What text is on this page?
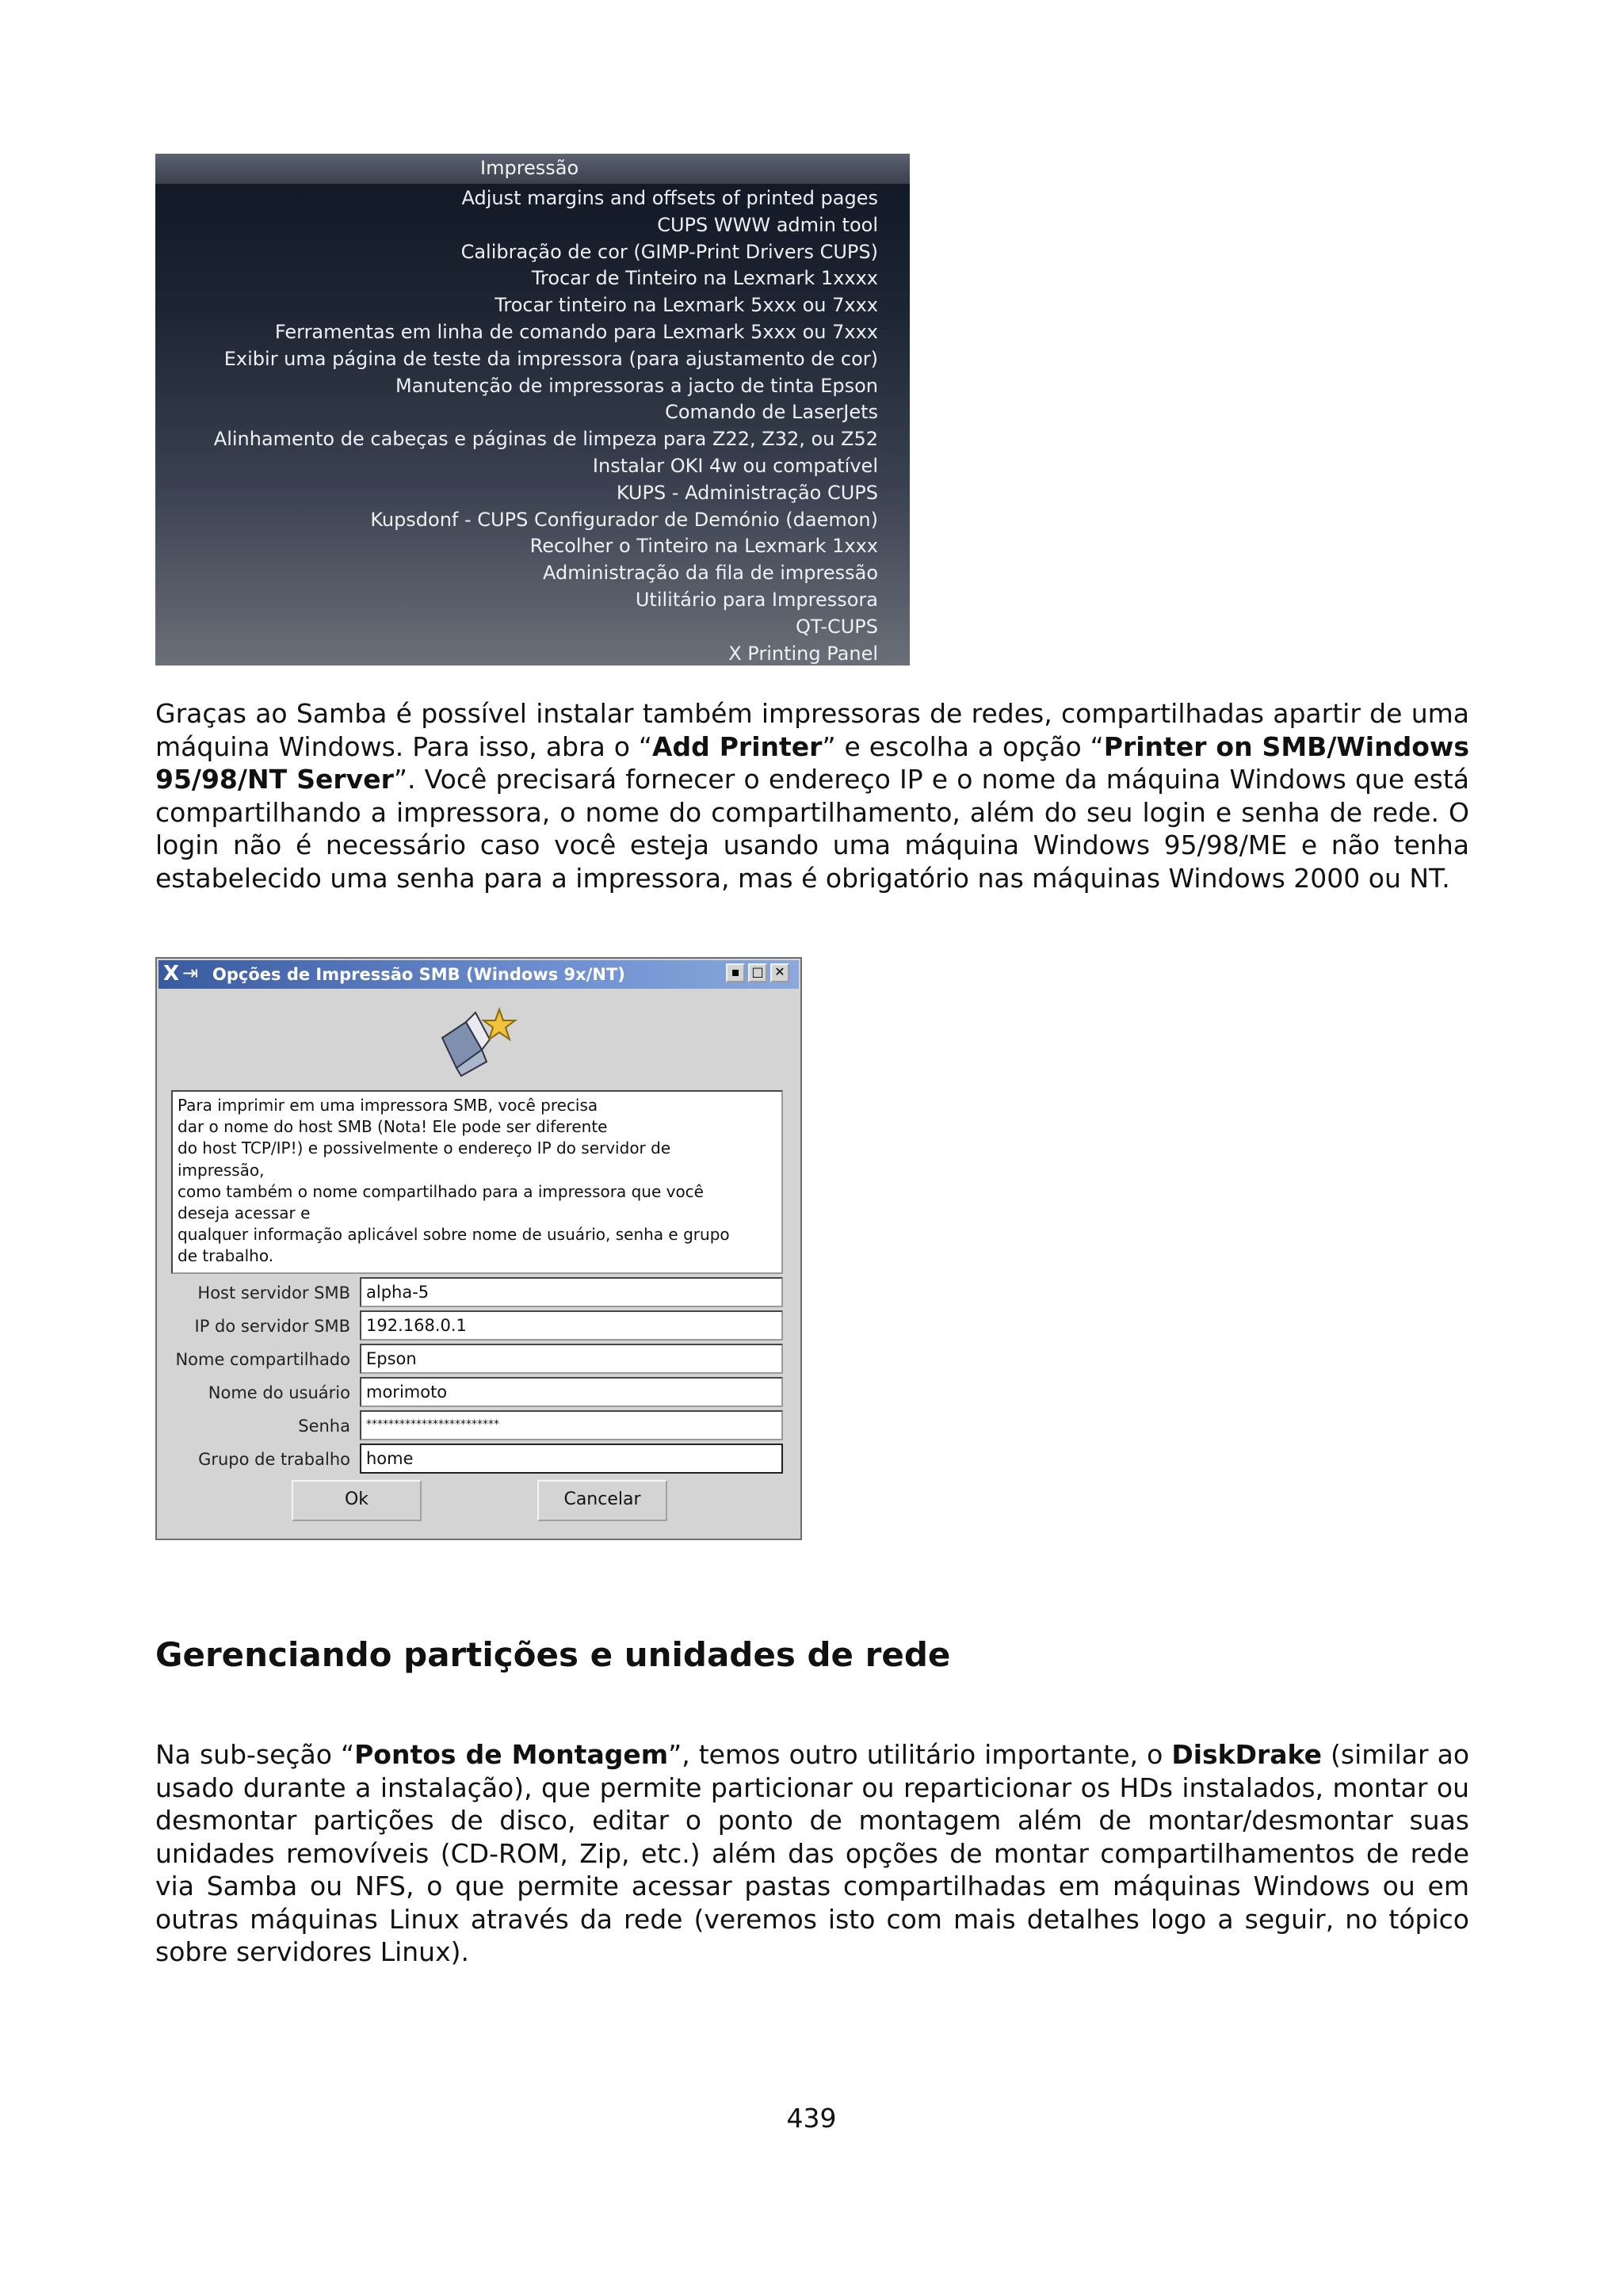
Impressão
Adjust margins and offsets of printed pages
CUPS WWW admin tool
Calibração de cor (GIMP-Print Drivers CUPS)
Trocar de Tinteiro na Lexmark 1xxxx
Trocar tinteiro na Lexmark 5xxx ou 7xxx
Ferramentas em linha de comando para Lexmark 5xxx ou 7xxx
Exibir uma página de teste da impressora (para ajustamento de cor)
Manutenção de impressoras a jacto de tinta Epson
Comando de LaserJets
Alinhamento de cabeças e páginas de limpeza para Z22, Z32, ou Z52
Instalar OKI 4w ou compatível
KUPS - Administração CUPS
Kupsdonf - CUPS Configurador de Demónio (daemon)
Recolher o Tinteiro na Lexmark 1xxx
Administração da fila de impressão
Utilitário para Impressora
QT-CUPS
X Printing Panel
Graças ao Samba é possível instalar também impressoras de redes, compartilhadas apartir de uma máquina Windows. Para isso, abra o “Add Printer” e escolha a opção “Printer on SMB/Windows 95/98/NT Server”. Você precisará fornecer o endereço IP e o nome da máquina Windows que está compartilhando a impressora, o nome do compartilhamento, além do seu login e senha de rede. O login não é necessário caso você esteja usando uma máquina Windows 95/98/ME e não tenha estabelecido uma senha para a impressora, mas é obrigatório nas máquinas Windows 2000 ou NT.
X ⇥ Opções de Impressão SMB (Windows 9x/NT)	▪ □ ✕
Para imprimir em uma impressora SMB, você precisa
dar o nome do host SMB (Nota! Ele pode ser diferente
do host TCP/IP!) e possivelmente o endereço IP do servidor de
impressão,
como também o nome compartilhado para a impressora que você
deseja acessar e
qualquer informação aplicável sobre nome de usuário, senha e grupo
de trabalho.
Host servidor SMB alpha-5
IP do servidor SMB 192.168.0.1
Nome compartilhado Epson
Nome do usuário morimoto
Senha	************************
Grupo de trabalho home
Ok	Cancelar
Gerenciando partições e unidades de rede
Na sub-seção “Pontos de Montagem”, temos outro utilitário importante, o DiskDrake (similar ao usado durante a instalação), que permite particionar ou reparticionar os HDs instalados, montar ou desmontar partições de disco, editar o ponto de montagem além de montar/desmontar suas unidades removíveis (CD-ROM, Zip, etc.) além das opções de montar compartilhamentos de rede via Samba ou NFS, o que permite acessar pastas compartilhadas em máquinas Windows ou em outras máquinas Linux através da rede (veremos isto com mais detalhes logo a seguir, no tópico sobre servidores Linux).
439
